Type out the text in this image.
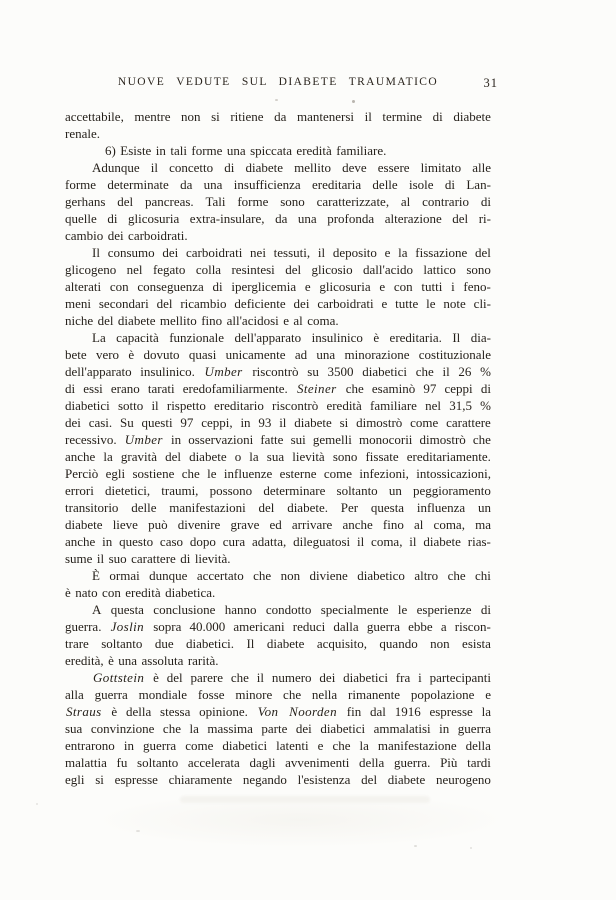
NUOVE VEDUTE SUL DIABETE TRAUMATICO	31
accettabile, mentre non si ritiene da mantenersi il termine di diabete
renale.
6) Esiste in tali forme una spiccata eredità familiare.
Adunque il concetto di diabete mellito deve essere limitato alle
forme determinate da una insufficienza ereditaria delle isole di Lan-
gerhans del pancreas. Tali forme sono caratterizzate, al contrario di
quelle di glicosuria extra-insulare, da una profonda alterazione del ri-
cambio dei carboidrati.
Il consumo dei carboidrati nei tessuti, il deposito e la fissazione del
glicogeno nel fegato colla resintesi del glicosio dall'acido lattico sono
alterati con conseguenza di iperglicemia e glicosuria e con tutti i feno-
meni secondari del ricambio deficiente dei carboidrati e tutte le note cli-
niche del diabete mellito fino all'acidosi e al coma.
La capacità funzionale dell'apparato insulinico è ereditaria. Il dia-
bete vero è dovuto quasi unicamente ad una minorazione costituzionale
dell'apparato insulinico. Umber riscontrò su 3500 diabetici che il 26 %
di essi erano tarati eredofamiliarmente. Steiner che esaminò 97 ceppi di
diabetici sotto il rispetto ereditario riscontrò eredità familiare nel 31,5 %
dei casi. Su questi 97 ceppi, in 93 il diabete si dimostrò come carattere
recessivo. Umber in osservazioni fatte sui gemelli monocorii dimostrò che
anche la gravità del diabete o la sua lievità sono fissate ereditariamente.
Perciò egli sostiene che le influenze esterne come infezioni, intossicazioni,
errori dietetici, traumi, possono determinare soltanto un peggioramento
transitorio delle manifestazioni del diabete. Per questa influenza un
diabete lieve può divenire grave ed arrivare anche fino al coma, ma
anche in questo caso dopo cura adatta, dileguatosi il coma, il diabete rias-
sume il suo carattere di lievità.
È ormai dunque accertato che non diviene diabetico altro che chi
è nato con eredità diabetica.
A questa conclusione hanno condotto specialmente le esperienze di
guerra. Joslin sopra 40.000 americani reduci dalla guerra ebbe a riscon-
trare soltanto due diabetici. Il diabete acquisito, quando non esista
eredità, è una assoluta rarità.
Gottstein è del parere che il numero dei diabetici fra i partecipanti
alla guerra mondiale fosse minore che nella rimanente popolazione e
Straus è della stessa opinione. Von Noorden fin dal 1916 espresse la
sua convinzione che la massima parte dei diabetici ammalatisi in guerra
entrarono in guerra come diabetici latenti e che la manifestazione della
malattia fu soltanto accelerata dagli avvenimenti della guerra. Più tardi
egli si espresse chiaramente negando l'esistenza del diabete neurogeno
